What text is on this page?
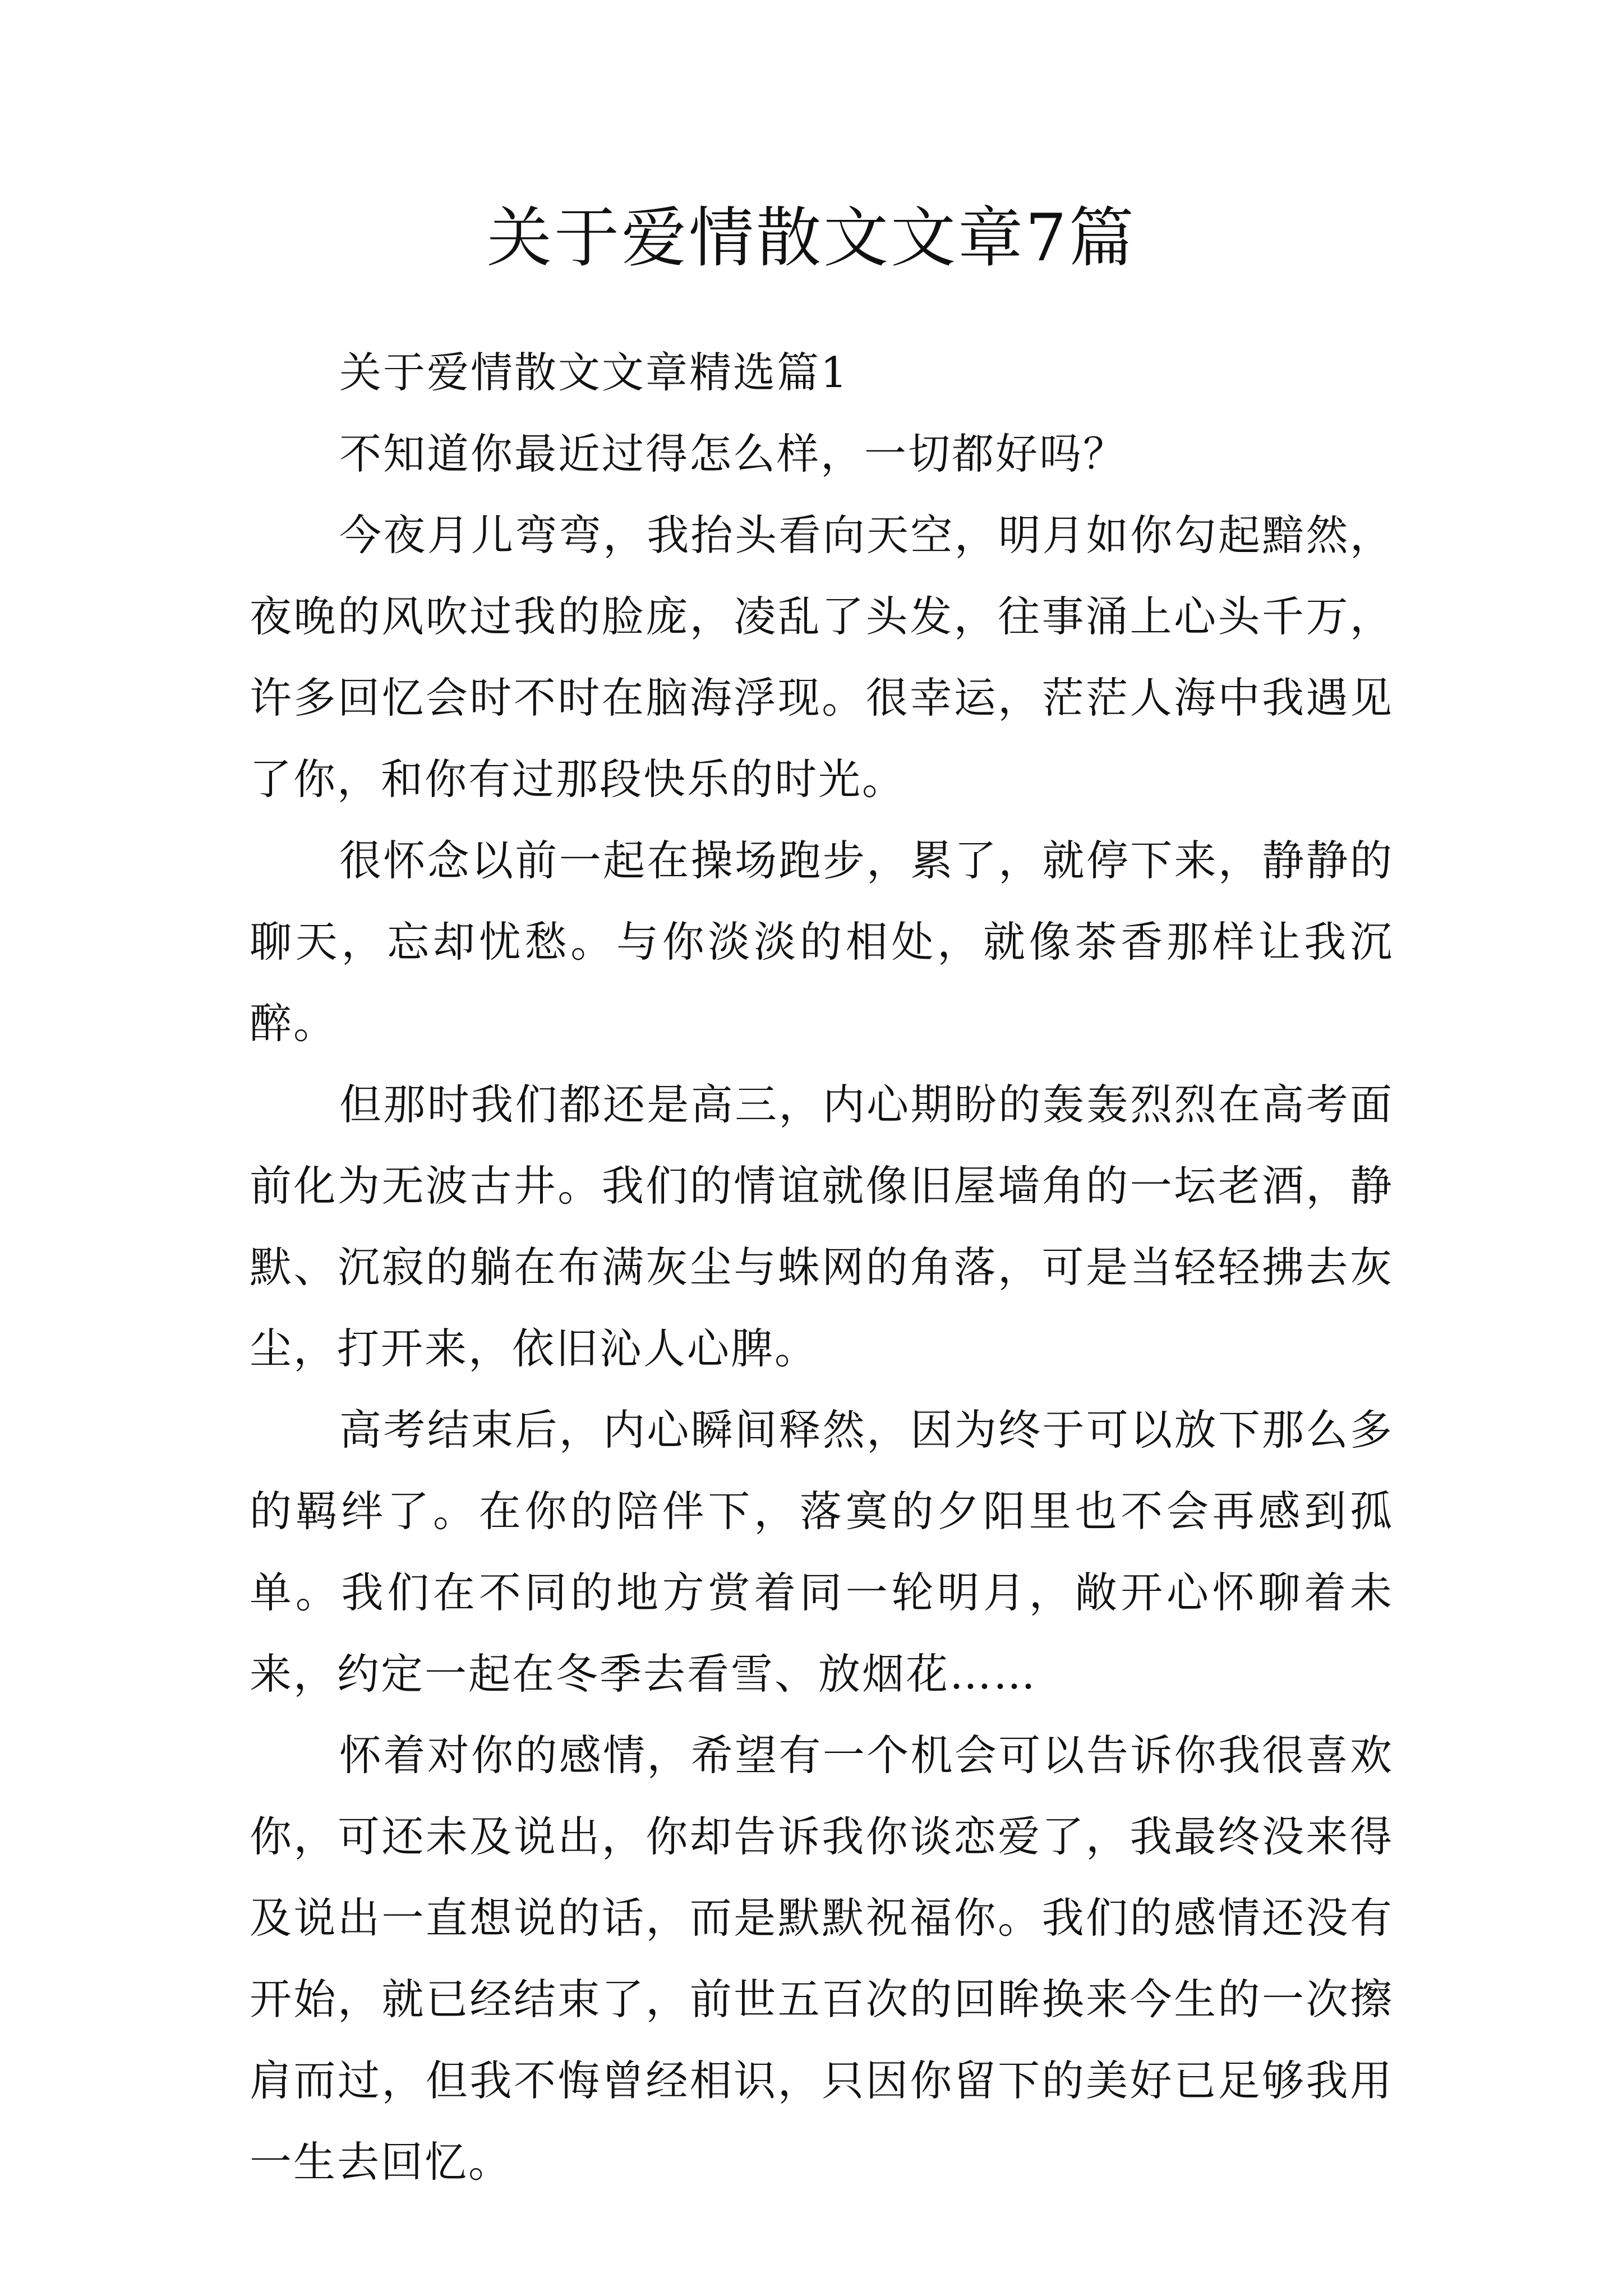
关于爱情散文文章7篇

关于爱情散文文章精选篇1

不知道你最近过得怎么样，一切都好吗？

今夜月儿弯弯，我抬头看向天空，明月如你勾起黯然，夜晚的风吹过我的脸庞，凌乱了头发，往事涌上心头千万，许多回忆会时不时在脑海浮现。很幸运，茫茫人海中我遇见了你，和你有过那段快乐的时光。

很怀念以前一起在操场跑步，累了，就停下来，静静的聊天，忘却忧愁。与你淡淡的相处，就像茶香那样让我沉醉。

但那时我们都还是高三，内心期盼的轰轰烈烈在高考面前化为无波古井。我们的情谊就像旧屋墙角的一坛老酒，静默、沉寂的躺在布满灰尘与蛛网的角落，可是当轻轻拂去灰尘，打开来，依旧沁人心脾。

高考结束后，内心瞬间释然，因为终于可以放下那么多的羁绊了。在你的陪伴下，落寞的夕阳里也不会再感到孤单。我们在不同的地方赏着同一轮明月，敞开心怀聊着未来，约定一起在冬季去看雪、放烟花……

怀着对你的感情，希望有一个机会可以告诉你我很喜欢你，可还未及说出，你却告诉我你谈恋爱了，我最终没来得及说出一直想说的话，而是默默祝福你。我们的感情还没有开始，就已经结束了，前世五百次的回眸换来今生的一次擦肩而过，但我不悔曾经相识，只因你留下的美好已足够我用一生去回忆。
